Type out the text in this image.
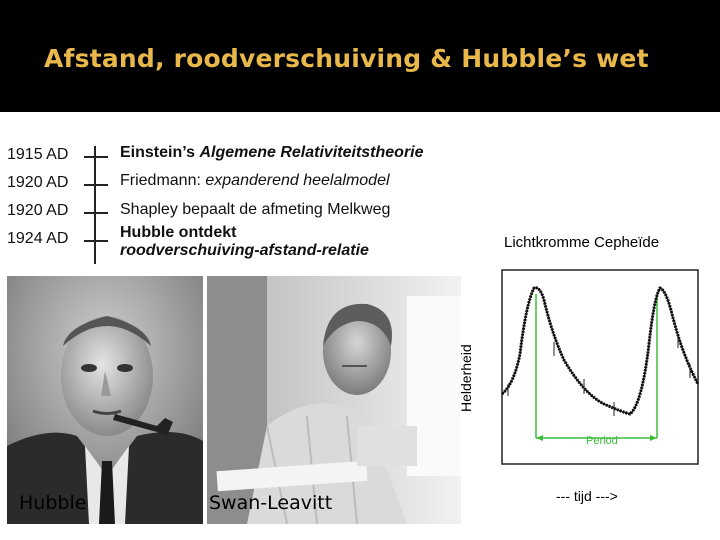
Afstand, roodverschuiving & Hubble’s wet
1915 AD
1920 AD
1920 AD
1924 AD
Einstein’s Algemene Relativiteitstheorie
Friedmann: expanderend heelalmodel
Shapley bepaalt de afmeting Melkweg
Hubble ontdekt
roodverschuiving-afstand-relatie
Hubble	Swan-Leavitt
Lichtkromme Cepheïde
Helderheid
Period
--- tijd --->
